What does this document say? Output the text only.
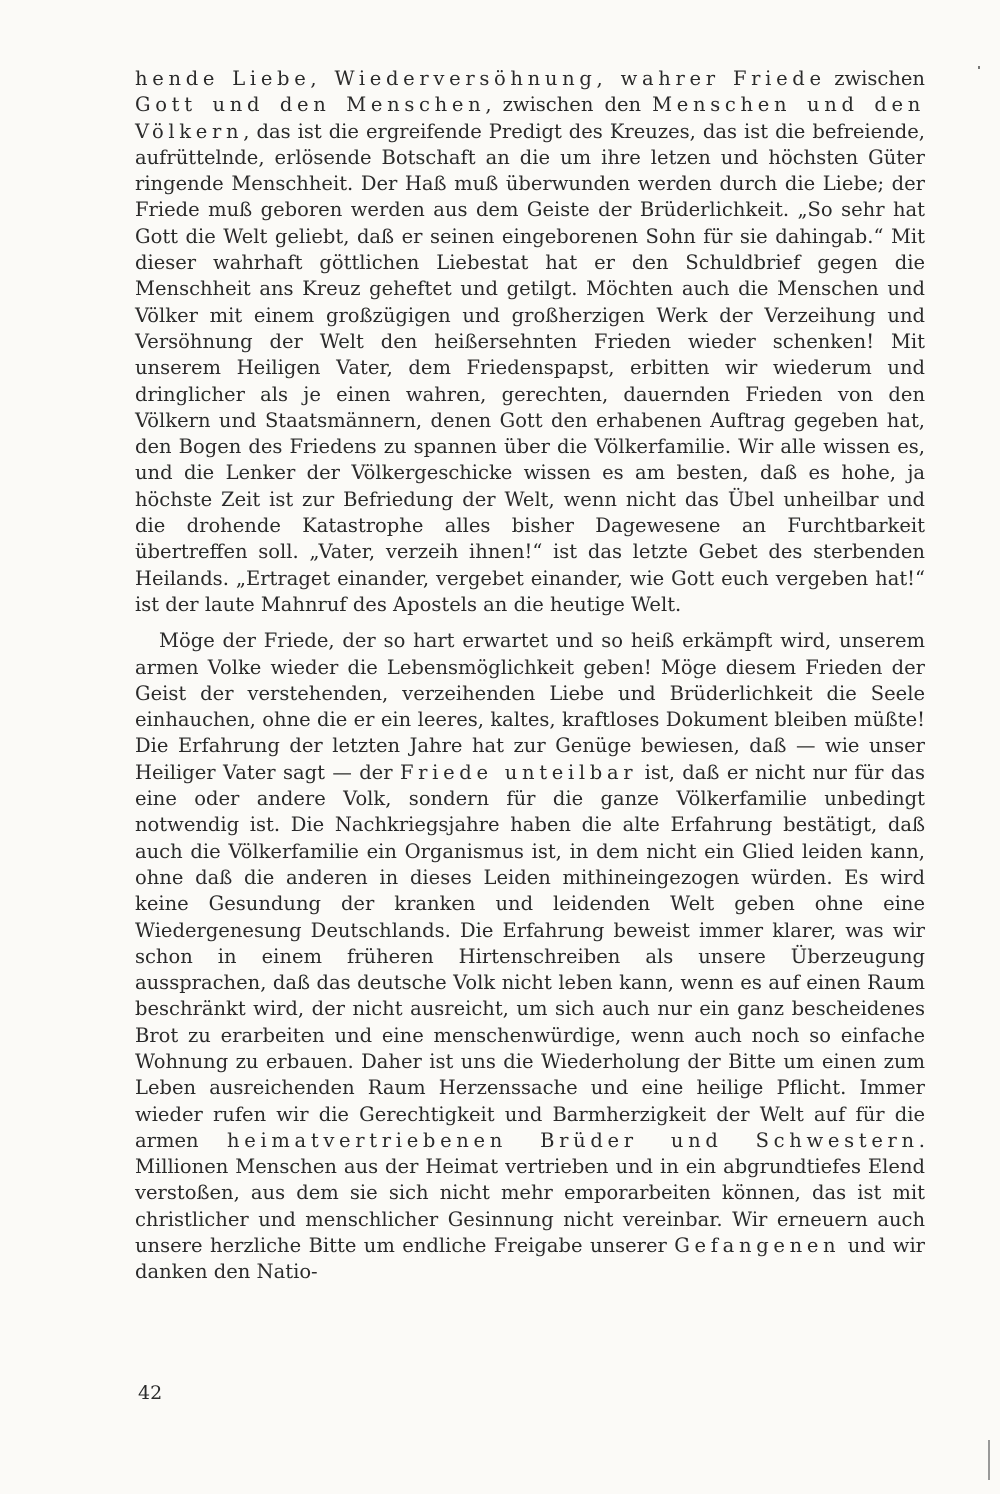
hende Liebe, Wiederversöhnung, wahrer Friede zwischen Gott und den Menschen, zwischen den Menschen und den Völkern, das ist die ergreifende Predigt des Kreuzes, das ist die befreiende, aufrüttelnde, erlösende Botschaft an die um ihre letzen und höchsten Güter ringende Menschheit. Der Haß muß überwunden werden durch die Liebe; der Friede muß geboren werden aus dem Geiste der Brüderlichkeit. „So sehr hat Gott die Welt geliebt, daß er seinen eingeborenen Sohn für sie dahingab.“ Mit dieser wahrhaft göttlichen Liebestat hat er den Schuldbrief gegen die Menschheit ans Kreuz geheftet und getilgt. Möchten auch die Menschen und Völker mit einem großzügigen und großherzigen Werk der Verzeihung und Versöhnung der Welt den heißersehnten Frieden wieder schenken! Mit unserem Heiligen Vater, dem Friedenspapst, erbitten wir wiederum und dringlicher als je einen wahren, gerechten, dauernden Frieden von den Völkern und Staatsmännern, denen Gott den erhabenen Auftrag gegeben hat, den Bogen des Friedens zu spannen über die Völkerfamilie. Wir alle wissen es, und die Lenker der Völkergeschicke wissen es am besten, daß es hohe, ja höchste Zeit ist zur Befriedung der Welt, wenn nicht das Übel unheilbar und die drohende Katastrophe alles bisher Dagewesene an Furchtbarkeit übertreffen soll. „Vater, verzeih ihnen!“ ist das letzte Gebet des sterbenden Heilands. „Ertraget einander, vergebet einander, wie Gott euch vergeben hat!“ ist der laute Mahnruf des Apostels an die heutige Welt.

Möge der Friede, der so hart erwartet und so heiß erkämpft wird, unserem armen Volke wieder die Lebensmöglichkeit geben! Möge diesem Frieden der Geist der verstehenden, verzeihenden Liebe und Brüderlichkeit die Seele einhauchen, ohne die er ein leeres, kaltes, kraftloses Dokument bleiben müßte! Die Erfahrung der letzten Jahre hat zur Genüge bewiesen, daß — wie unser Heiliger Vater sagt — der Friede unteilbar ist, daß er nicht nur für das eine oder andere Volk, sondern für die ganze Völkerfamilie unbedingt notwendig ist. Die Nachkriegsjahre haben die alte Erfahrung bestätigt, daß auch die Völkerfamilie ein Organismus ist, in dem nicht ein Glied leiden kann, ohne daß die anderen in dieses Leiden mithineingezogen würden. Es wird keine Gesundung der kranken und leidenden Welt geben ohne eine Wiedergenesung Deutschlands. Die Erfahrung beweist immer klarer, was wir schon in einem früheren Hirtenschreiben als unsere Überzeugung aussprachen, daß das deutsche Volk nicht leben kann, wenn es auf einen Raum beschränkt wird, der nicht ausreicht, um sich auch nur ein ganz bescheidenes Brot zu erarbeiten und eine menschenwürdige, wenn auch noch so einfache Wohnung zu erbauen. Daher ist uns die Wiederholung der Bitte um einen zum Leben ausreichenden Raum Herzenssache und eine heilige Pflicht. Immer wieder rufen wir die Gerechtigkeit und Barmherzigkeit der Welt auf für die armen heimatvertriebenen Brüder und Schwestern. Millionen Menschen aus der Heimat vertrieben und in ein abgrundtiefes Elend verstoßen, aus dem sie sich nicht mehr emporarbeiten können, das ist mit christlicher und menschlicher Gesinnung nicht vereinbar. Wir erneuern auch unsere herzliche Bitte um endliche Freigabe unserer Gefangenen und wir danken den Natio-

42
